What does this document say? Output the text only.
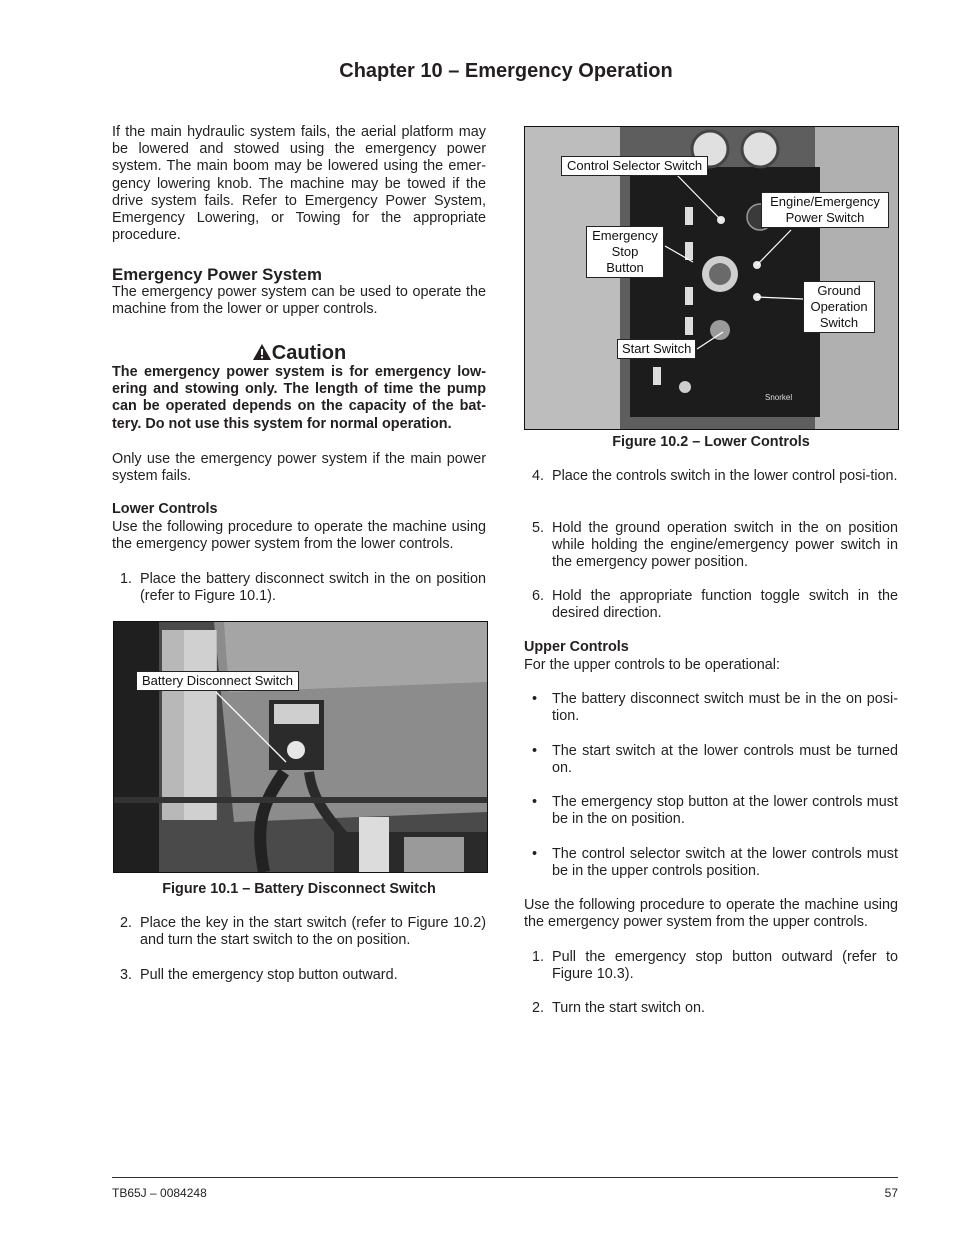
Chapter 10 – Emergency Operation
If the main hydraulic system fails, the aerial platform may be lowered and stowed using the emergency power system. The main boom may be lowered using the emer-gency lowering knob. The machine may be towed if the drive system fails. Refer to Emergency Power System, Emergency Lowering, or Towing for the appropriate procedure.
Emergency Power System
The emergency power system can be used to operate the machine from the lower or upper controls.
Caution
The emergency power system is for emergency low-ering and stowing only. The length of time the pump can be operated depends on the capacity of the bat-tery. Do not use this system for normal operation.
Only use the emergency power system if the main power system fails.
Lower Controls
Use the following procedure to operate the machine using the emergency power system from the lower controls.
1. Place the battery disconnect switch in the on position (refer to Figure 10.1).
Battery Disconnect Switch
Figure 10.1 – Battery Disconnect Switch
2. Place the key in the start switch (refer to Figure 10.2) and turn the start switch to the on position.
3. Pull the emergency stop button outward.
Snorkel
Control Selector Switch
Engine/Emergency
Power Switch
Emergency
Stop
Button
Ground
Operation
Switch
Start Switch
Figure 10.2 – Lower Controls
4. Place the controls switch in the lower control posi-tion.
5. Hold the ground operation switch in the on position while holding the engine/emergency power switch in the emergency power position.
6. Hold the appropriate function toggle switch in the desired direction.
Upper Controls
For the upper controls to be operational:
•	The battery disconnect switch must be in the on posi-tion.
•	The start switch at the lower controls must be turned on.
•	The emergency stop button at the lower controls must be in the on position.
•	The control selector switch at the lower controls must be in the upper controls position.
Use the following procedure to operate the machine using the emergency power system from the upper controls.
1. Pull the emergency stop button outward (refer to Figure 10.3).
2. Turn the start switch on.
TB65J – 0084248	57
